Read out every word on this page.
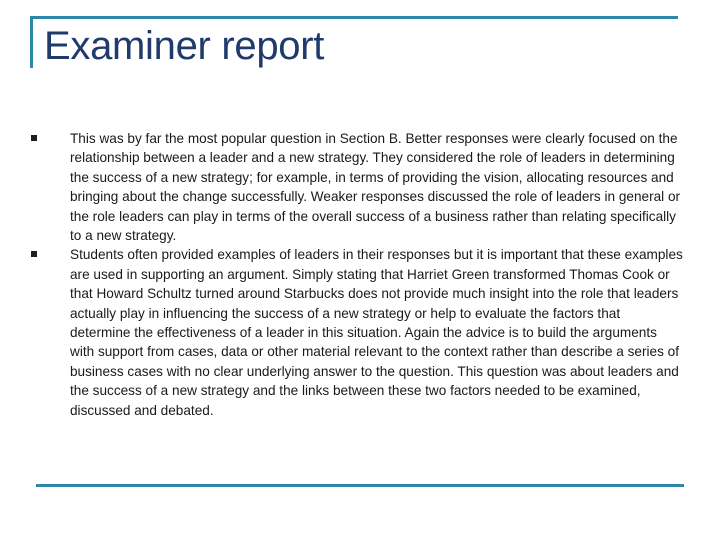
Examiner report
This was by far the most popular question in Section B. Better responses were clearly focused on the relationship between a leader and a new strategy. They considered the role of leaders in determining the success of a new strategy; for example, in terms of providing the vision, allocating resources and bringing about the change successfully. Weaker responses discussed the role of leaders in general or the role leaders can play in terms of the overall success of a business rather than relating specifically to a new strategy.
Students often provided examples of leaders in their responses but it is important that these examples are used in supporting an argument. Simply stating that Harriet Green transformed Thomas Cook or that Howard Schultz turned around Starbucks does not provide much insight into the role that leaders actually play in influencing the success of a new strategy or help to evaluate the factors that determine the effectiveness of a leader in this situation. Again the advice is to build the arguments with support from cases, data or other material relevant to the context rather than describe a series of business cases with no clear underlying answer to the question. This question was about leaders and the success of a new strategy and the links between these two factors needed to be examined, discussed and debated.
